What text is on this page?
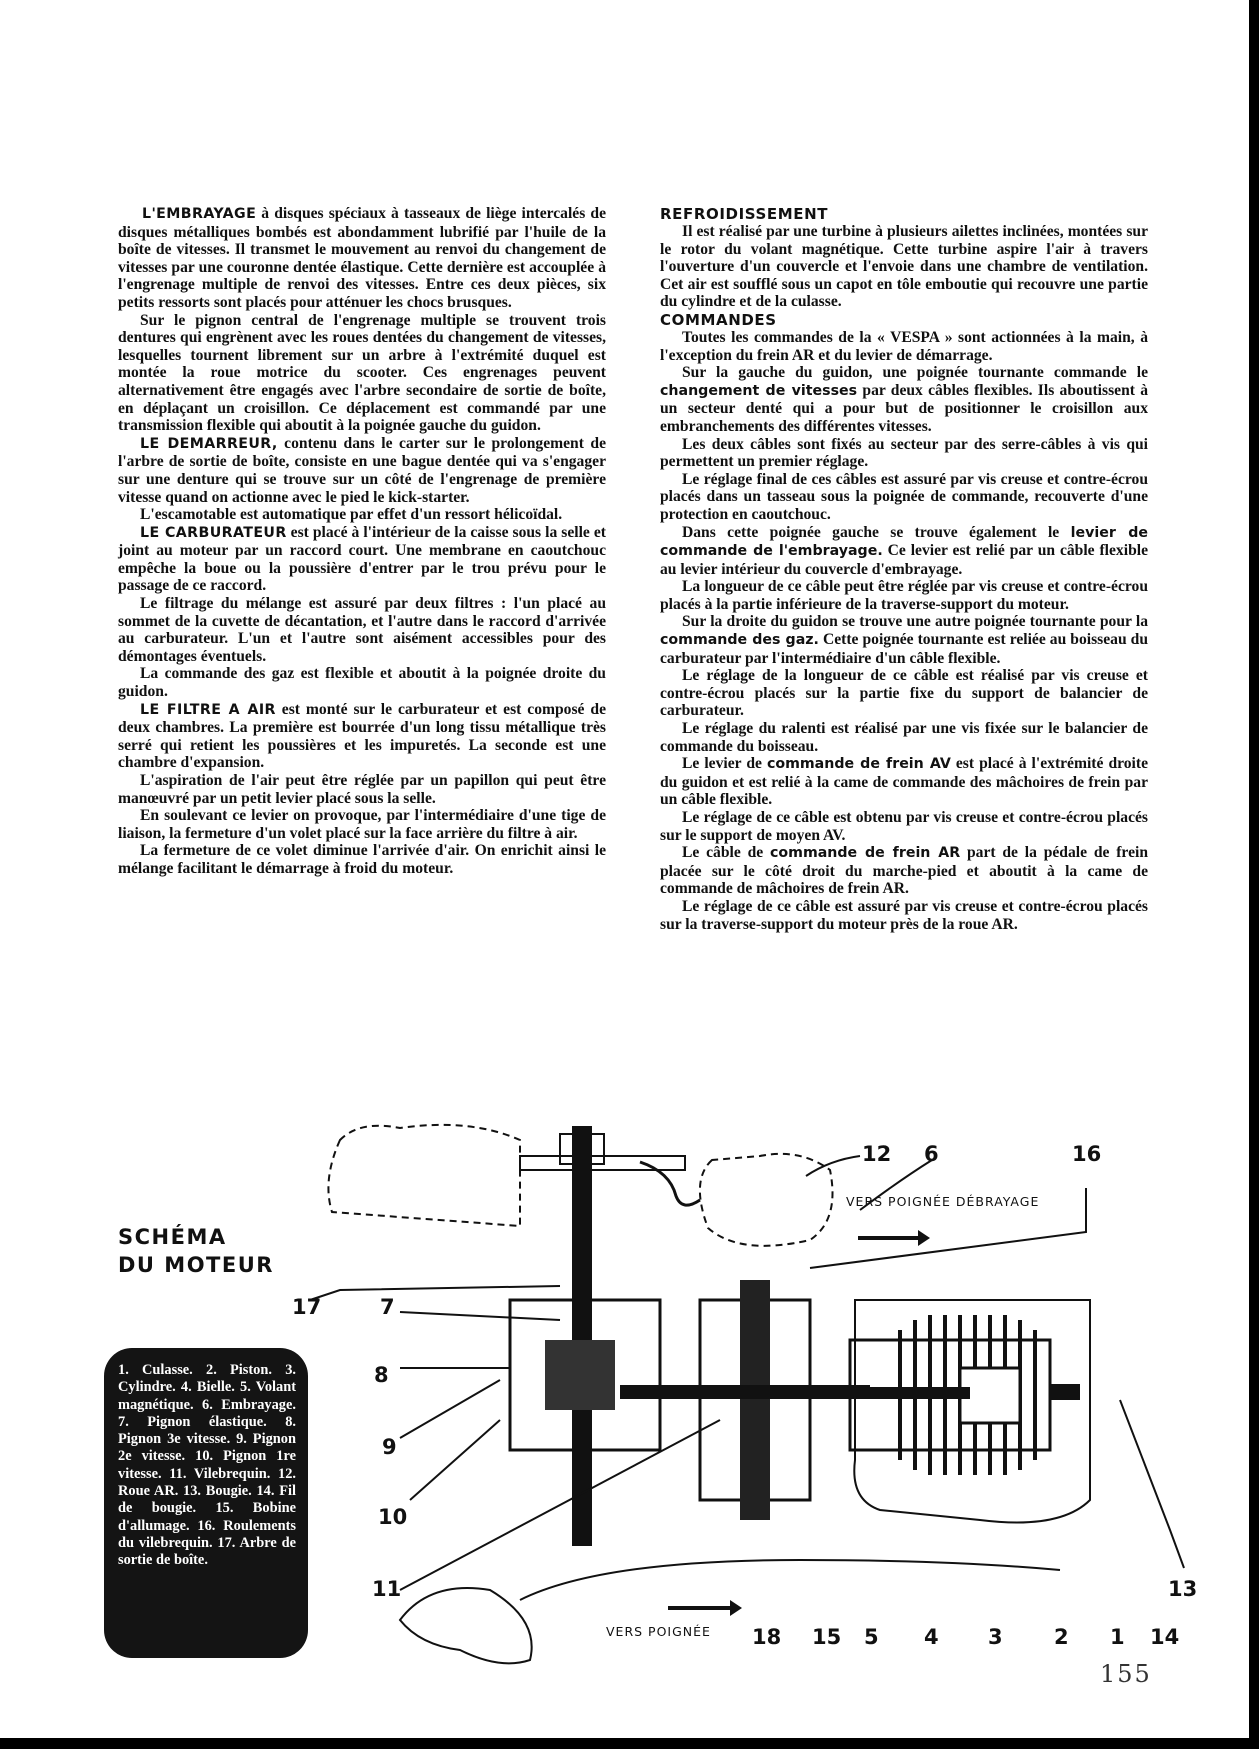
L'EMBRAYAGE à disques spéciaux à tasseaux de liège intercalés de disques métalliques bombés est abondamment lubrifié par l'huile de la boîte de vitesses. Il transmet le mouvement au renvoi du changement de vitesses par une couronne dentée élastique. Cette dernière est accouplée à l'engrenage multiple de renvoi des vitesses. Entre ces deux pièces, six petits ressorts sont placés pour atténuer les chocs brusques.

Sur le pignon central de l'engrenage multiple se trouvent trois dentures qui engrènent avec les roues dentées du changement de vitesses, lesquelles tournent librement sur un arbre à l'extrémité duquel est montée la roue motrice du scooter. Ces engrenages peuvent alternativement être engagés avec l'arbre secondaire de sortie de boîte, en déplaçant un croisillon. Ce déplacement est commandé par une transmission flexible qui aboutit à la poignée gauche du guidon.

LE DEMARREUR, contenu dans le carter sur le prolongement de l'arbre de sortie de boîte, consiste en une bague dentée qui va s'engager sur une denture qui se trouve sur un côté de l'engrenage de première vitesse quand on actionne avec le pied le kick-starter.

L'escamotable est automatique par effet d'un ressort hélicoïdal.

LE CARBURATEUR est placé à l'intérieur de la caisse sous la selle et joint au moteur par un raccord court. Une membrane en caoutchouc empêche la boue ou la poussière d'entrer par le trou prévu pour le passage de ce raccord.

Le filtrage du mélange est assuré par deux filtres : l'un placé au sommet de la cuvette de décantation, et l'autre dans le raccord d'arrivée au carburateur. L'un et l'autre sont aisément accessibles pour des démontages éventuels.

La commande des gaz est flexible et aboutit à la poignée droite du guidon.

LE FILTRE A AIR est monté sur le carburateur et est composé de deux chambres. La première est bourrée d'un long tissu métallique très serré qui retient les poussières et les impuretés. La seconde est une chambre d'expansion.

L'aspiration de l'air peut être réglée par un papillon qui peut être manœuvré par un petit levier placé sous la selle.

En soulevant ce levier on provoque, par l'intermédiaire d'une tige de liaison, la fermeture d'un volet placé sur la face arrière du filtre à air.

La fermeture de ce volet diminue l'arrivée d'air. On enrichit ainsi le mélange facilitant le démarrage à froid du moteur.

REFROIDISSEMENT

Il est réalisé par une turbine à plusieurs ailettes inclinées, montées sur le rotor du volant magnétique. Cette turbine aspire l'air à travers l'ouverture d'un couvercle et l'envoie dans une chambre de ventilation. Cet air est soufflé sous un capot en tôle emboutie qui recouvre une partie du cylindre et de la culasse.

COMMANDES

Toutes les commandes de la « VESPA » sont actionnées à la main, à l'exception du frein AR et du levier de démarrage.

Sur la gauche du guidon, une poignée tournante commande le changement de vitesses par deux câbles flexibles. Ils aboutissent à un secteur denté qui a pour but de positionner le croisillon aux embranchements des différentes vitesses.

Les deux câbles sont fixés au secteur par des serre-câbles à vis qui permettent un premier réglage.

Le réglage final de ces câbles est assuré par vis creuse et contre-écrou placés dans un tasseau sous la poignée de commande, recouverte d'une protection en caoutchouc.

Dans cette poignée gauche se trouve également le levier de commande de l'embrayage. Ce levier est relié par un câble flexible au levier intérieur du couvercle d'embrayage.

La longueur de ce câble peut être réglée par vis creuse et contre-écrou placés à la partie inférieure de la traverse-support du moteur.

Sur la droite du guidon se trouve une autre poignée tournante pour la commande des gaz. Cette poignée tournante est reliée au boisseau du carburateur par l'intermédiaire d'un câble flexible.

Le réglage de la longueur de ce câble est réalisé par vis creuse et contre-écrou placés sur la partie fixe du support de balancier de carburateur.

Le réglage du ralenti est réalisé par une vis fixée sur le balancier de commande du boisseau.

Le levier de commande de frein AV est placé à l'extrémité droite du guidon et est relié à la came de commande des mâchoires de frein par un câble flexible.

Le réglage de ce câble est obtenu par vis creuse et contre-écrou placés sur le support de moyen AV.

Le câble de commande de frein AR part de la pédale de frein placée sur le côté droit du marche-pied et aboutit à la came de commande de mâchoires de frein AR.

Le réglage de ce câble est assuré par vis creuse et contre-écrou placés sur la traverse-support du moteur près de la roue AR.

SCHÉMA
DU MOTEUR
1. Culasse. 2. Piston. 3. Cylindre. 4. Bielle. 5. Volant magnétique. 6. Embrayage. 7. Pignon élastique. 8. Pignon 3e vitesse. 9. Pignon 2e vitesse. 10. Pignon 1re vitesse. 11. Vilebrequin. 12. Roue AR. 13. Bougie. 14. Fil de bougie. 15. Bobine d'allumage. 16. Roulements du vilebrequin. 17. Arbre de sortie de boîte.
VERS POIGNÉE DÉBRAYAGE
VERS POIGNÉE
12 6	16
17	7
8
9
10
11	13
18 15 5 4 3 2 1 14
155
